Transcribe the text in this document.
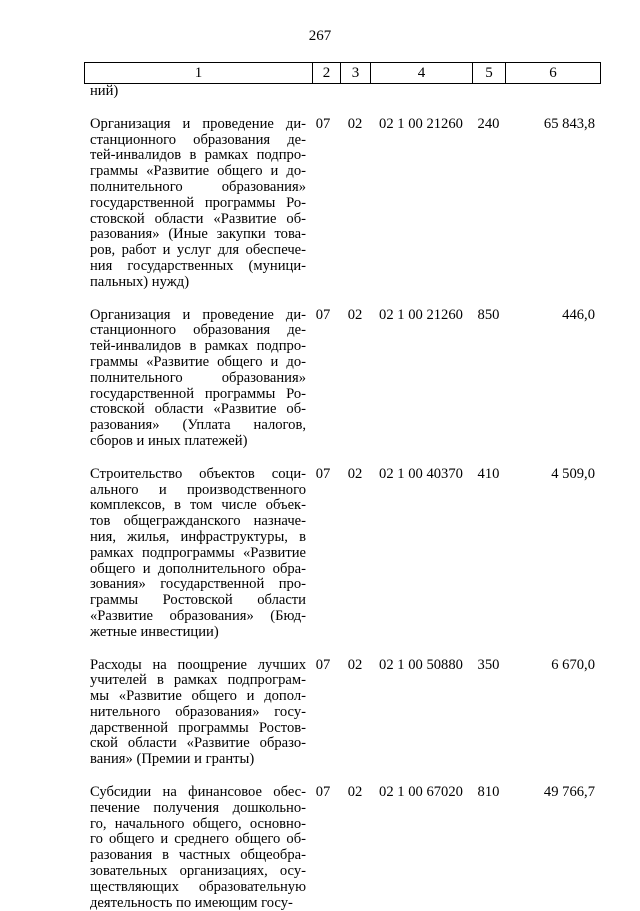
267
1	2	3	4	5	6
ний)
Организация и проведение ди-
станционного образования де-
тей-инвалидов в рамках подпро-
граммы «Развитие общего и до-
полнительного образования»
государственной программы Ро-
стовской области «Развитие об-
разования» (Иные закупки това-
ров, работ и услуг для обеспече-
ния государственных (муници-
пальных) нужд)
07	02	02 1 00 21260 240	65 843,8
Организация и проведение ди-
станционного образования де-
тей-инвалидов в рамках подпро-
граммы «Развитие общего и до-
полнительного образования»
государственной программы Ро-
стовской области «Развитие об-
разования» (Уплата налогов,
сборов и иных платежей)
07	02	02 1 00 21260 850	446,0
Строительство объектов соци-
ального и производственного
комплексов, в том числе объек-
тов общегражданского назначе-
ния, жилья, инфраструктуры, в
рамках подпрограммы «Развитие
общего и дополнительного обра-
зования» государственной про-
граммы Ростовской области
«Развитие образования» (Бюд-
жетные инвестиции)
07	02	02 1 00 40370 410	4 509,0
Расходы на поощрение лучших
учителей в рамках подпрограм-
мы «Развитие общего и допол-
нительного образования» госу-
дарственной программы Ростов-
ской области «Развитие образо-
вания» (Премии и гранты)
07	02	02 1 00 50880 350	6 670,0
Субсидии на финансовое обес-
печение получения дошкольно-
го, начального общего, основно-
го общего и среднего общего об-
разования в частных общеобра-
зовательных организациях, осу-
ществляющих образовательную
деятельность по имеющим госу-
07	02	02 1 00 67020 810	49 766,7
